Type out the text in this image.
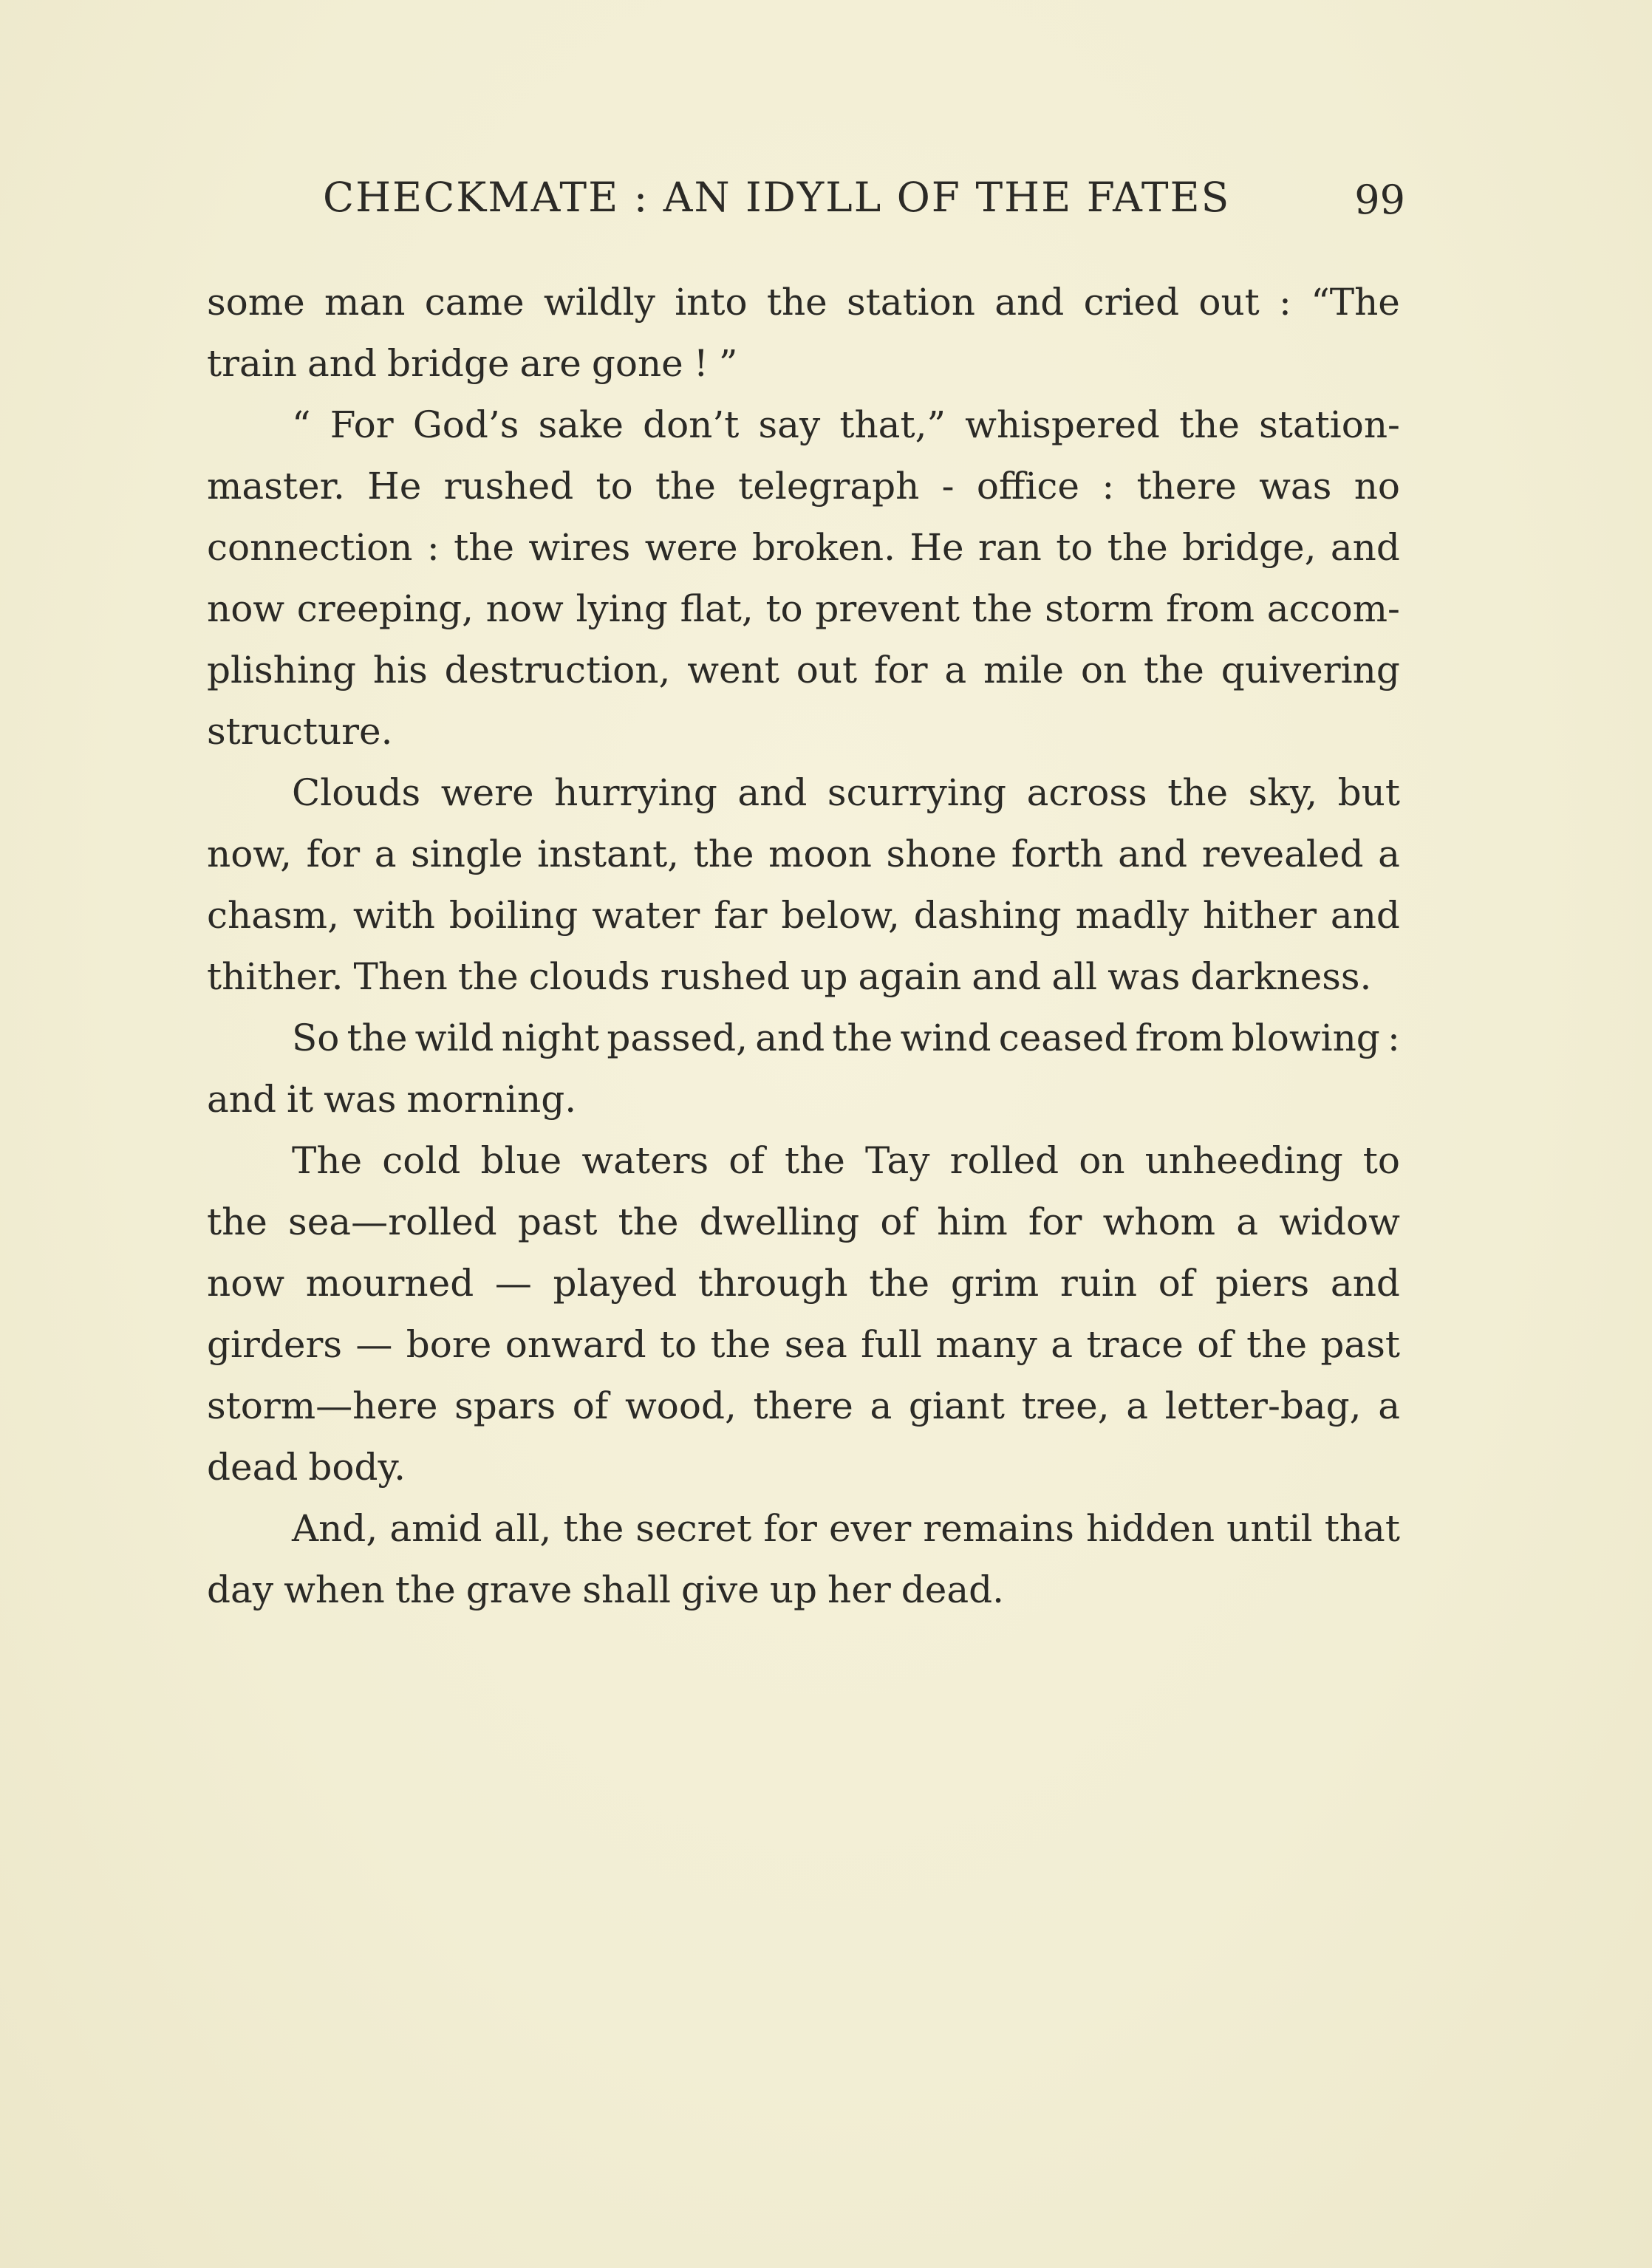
CHECKMATE : AN IDYLL OF THE FATES	99
some man came wildly into the station and cried out : “The
train and bridge are gone ! ”
“ For God’s sake don’t say that,” whispered the station-
master. He rushed to the telegraph - office : there was no
connection : the wires were broken. He ran to the bridge, and
now creeping, now lying flat, to prevent the storm from accom-
plishing his destruction, went out for a mile on the quivering
structure.
Clouds were hurrying and scurrying across the sky, but
now, for a single instant, the moon shone forth and revealed a
chasm, with boiling water far below, dashing madly hither and
thither. Then the clouds rushed up again and all was darkness.
So the wild night passed, and the wind ceased from blowing :
and it was morning.
The cold blue waters of the Tay rolled on unheeding to
the sea—rolled past the dwelling of him for whom a widow
now mourned — played through the grim ruin of piers and
girders — bore onward to the sea full many a trace of the past
storm—here spars of wood, there a giant tree, a letter-bag, a
dead body.
And, amid all, the secret for ever remains hidden until that
day when the grave shall give up her dead.
